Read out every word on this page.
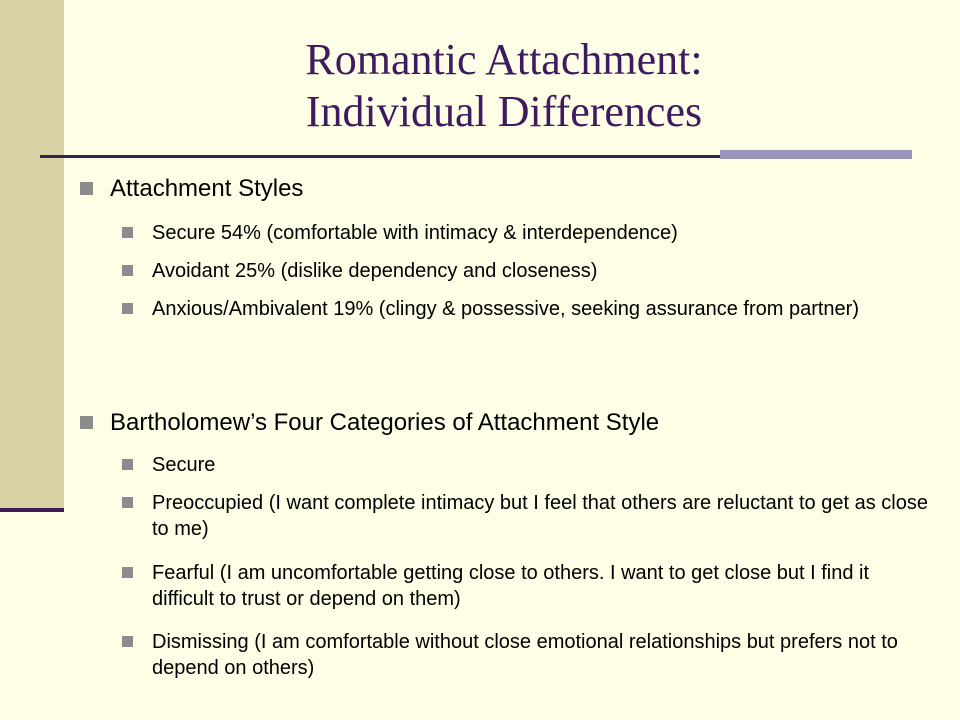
Romantic Attachment:
Individual Differences
Attachment Styles
Secure 54% (comfortable with intimacy & interdependence)
Avoidant 25% (dislike dependency and closeness)
Anxious/Ambivalent 19% (clingy & possessive, seeking assurance from partner)
Bartholomew’s Four Categories of Attachment Style
Secure
Preoccupied (I want complete intimacy but I feel that others are reluctant to get as close to me)
Fearful (I am uncomfortable getting close to others. I want to get close but I find it difficult to trust or depend on them)
Dismissing (I am comfortable without close emotional relationships but prefers not to depend on others)
